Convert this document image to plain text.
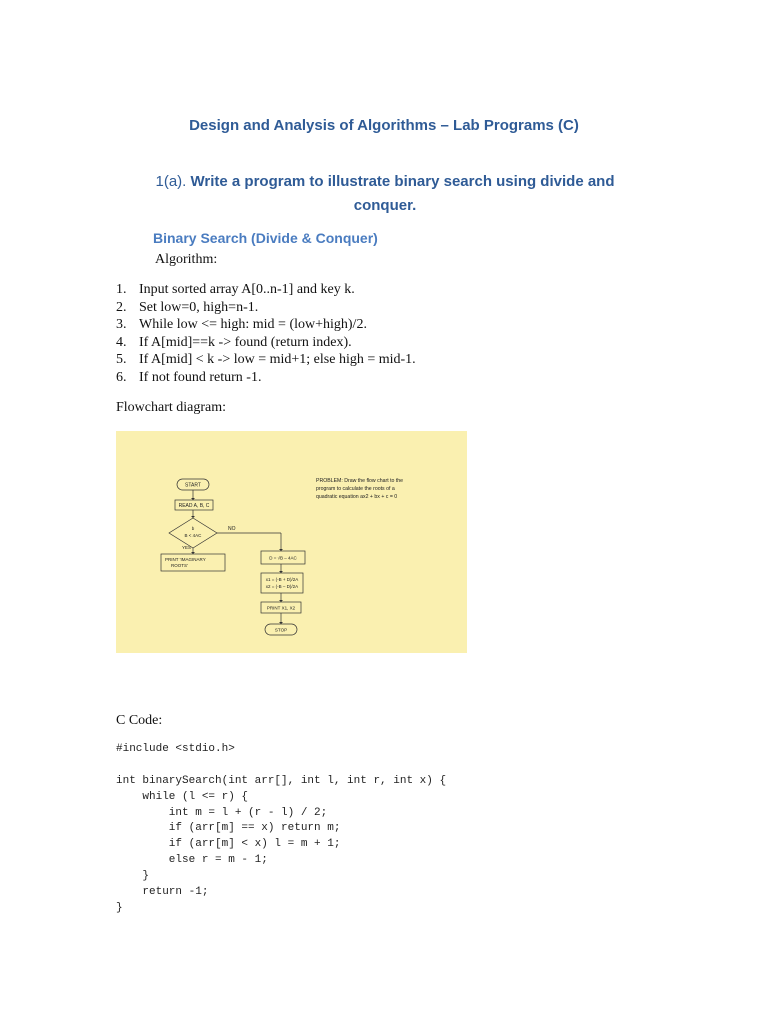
Design and Analysis of Algorithms – Lab Programs (C)
1(a). Write a program to illustrate binary search using divide and conquer.
Binary Search (Divide & Conquer)
Algorithm:
1. Input sorted array A[0..n-1] and key k.
2. Set low=0, high=n-1.
3. While low <= high: mid = (low+high)/2.
4. If A[mid]==k -> found (return index).
5. If A[mid] < k -> low = mid+1; else high = mid-1.
6. If not found return -1.
Flowchart diagram:
START
READ A, B, C
b
B < 4AC
NO
YES
PRINT 'IMAGINARY
ROOTS'
D = √B – 4AC
x1 = (-B + D)/2A
x2 = (-B – D)/2A
PRINT X1, X2
STOP
PROBLEM: Draw the flow chart to the
program to calculate the roots of a
quadratic equation ax2 + bx + c = 0
C Code:
#include <stdio.h>
int binarySearch(int arr[], int l, int r, int x) {
while (l <= r) {
int m = l + (r - l) / 2;
if (arr[m] == x) return m;
if (arr[m] < x) l = m + 1;
else r = m - 1;
}
return -1;
}
